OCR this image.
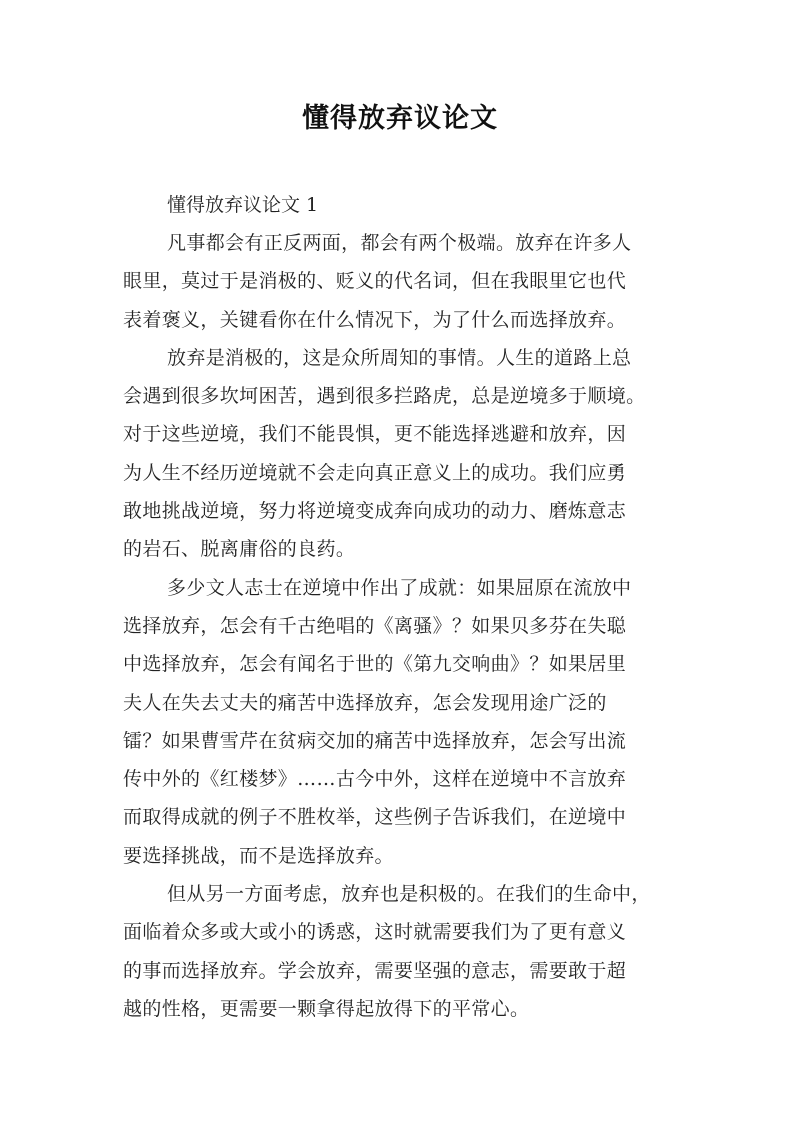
懂得放弃议论文

懂得放弃议论文 1

凡事都会有正反两面，都会有两个极端。放弃在许多人
眼里，莫过于是消极的、贬义的代名词，但在我眼里它也代
表着褒义，关键看你在什么情况下，为了什么而选择放弃。

放弃是消极的，这是众所周知的事情。人生的道路上总
会遇到很多坎坷困苦，遇到很多拦路虎，总是逆境多于顺境。
对于这些逆境，我们不能畏惧，更不能选择逃避和放弃，因
为人生不经历逆境就不会走向真正意义上的成功。我们应勇
敢地挑战逆境，努力将逆境变成奔向成功的动力、磨炼意志
的岩石、脱离庸俗的良药。

多少文人志士在逆境中作出了成就：如果屈原在流放中
选择放弃，怎会有千古绝唱的《离骚》？如果贝多芬在失聪
中选择放弃，怎会有闻名于世的《第九交响曲》？如果居里
夫人在失去丈夫的痛苦中选择放弃，怎会发现用途广泛的
镭？如果曹雪芹在贫病交加的痛苦中选择放弃，怎会写出流
传中外的《红楼梦》……古今中外，这样在逆境中不言放弃
而取得成就的例子不胜枚举，这些例子告诉我们，在逆境中
要选择挑战，而不是选择放弃。

但从另一方面考虑，放弃也是积极的。在我们的生命中，
面临着众多或大或小的诱惑，这时就需要我们为了更有意义
的事而选择放弃。学会放弃，需要坚强的意志，需要敢于超
越的性格，更需要一颗拿得起放得下的平常心。
